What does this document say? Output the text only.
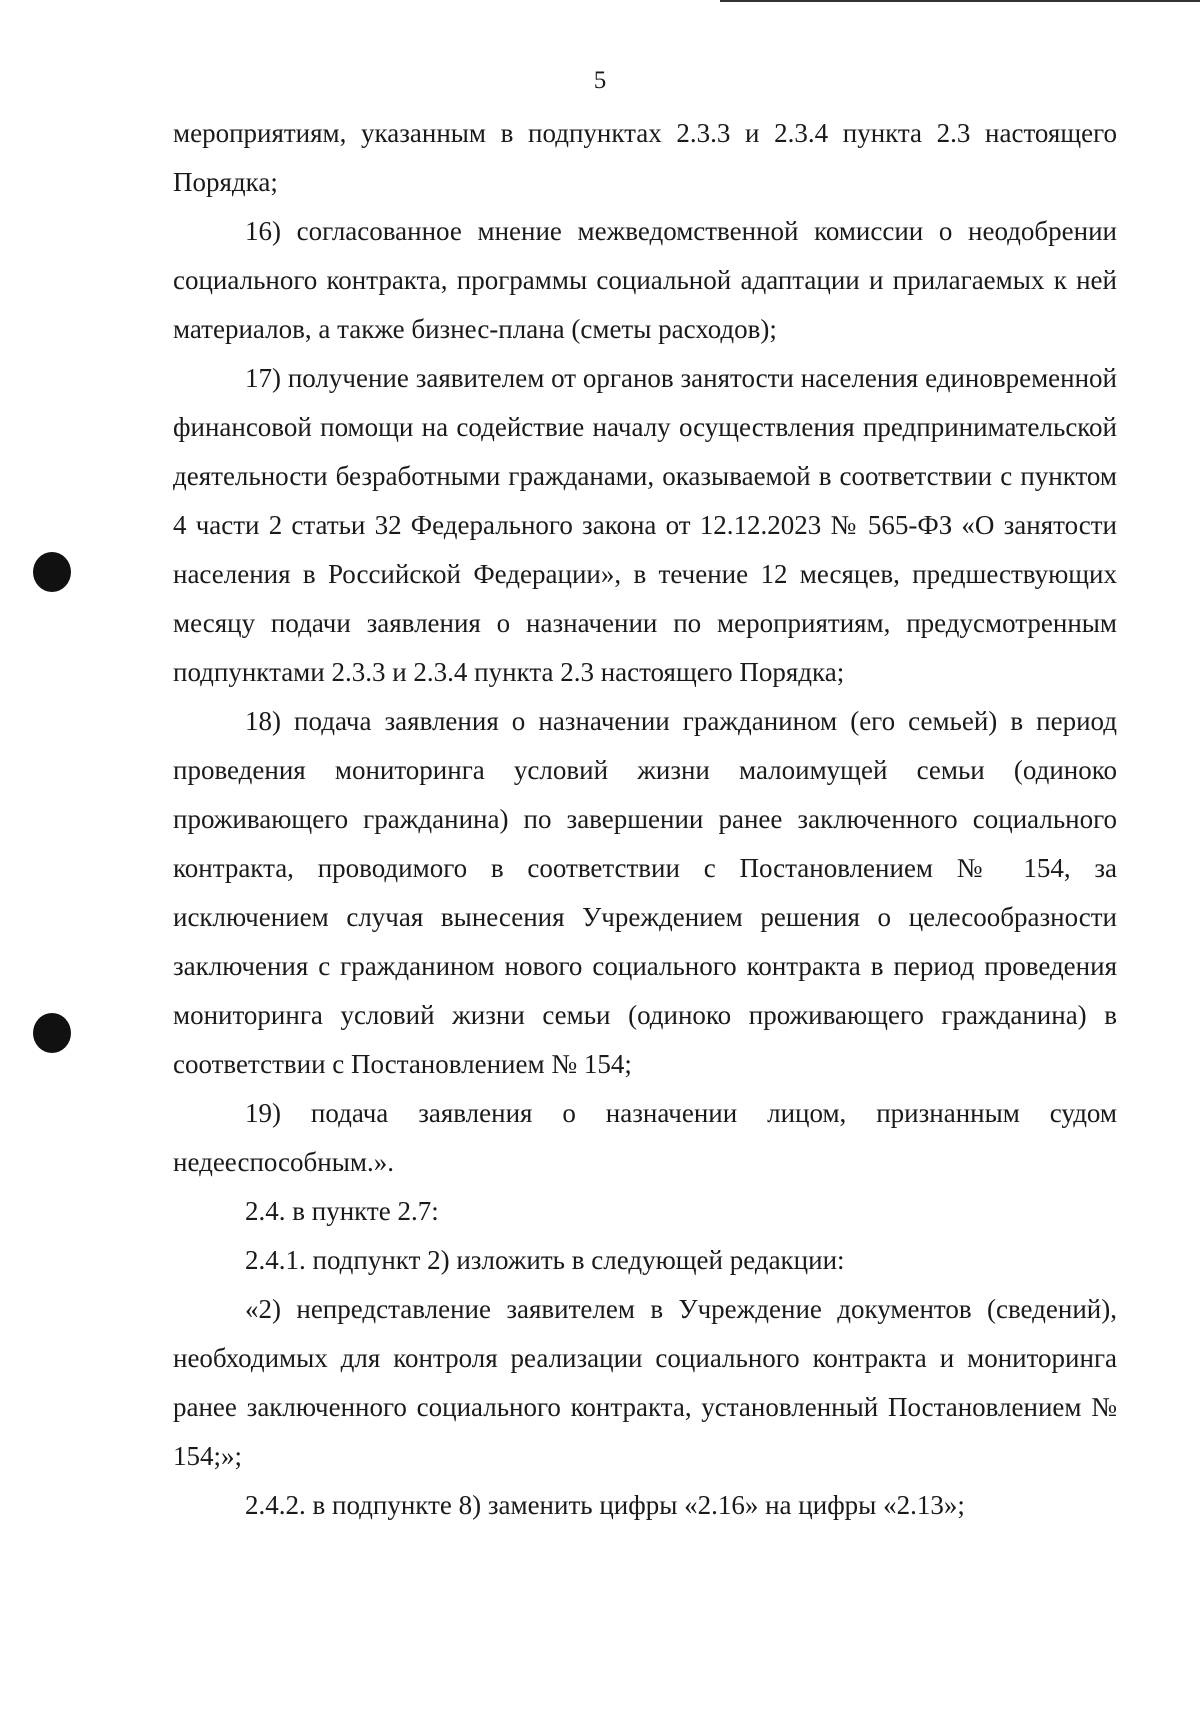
5

мероприятиям, указанным в подпунктах 2.3.3 и 2.3.4 пункта 2.3 настоящего Порядка;

16) согласованное мнение межведомственной комиссии о неодобрении социального контракта, программы социальной адаптации и прилагаемых к ней материалов, а также бизнес-плана (сметы расходов);

17) получение заявителем от органов занятости населения единовременной финансовой помощи на содействие началу осуществления предпринимательской деятельности безработными гражданами, оказываемой в соответствии с пунктом 4 части 2 статьи 32 Федерального закона от 12.12.2023 № 565-ФЗ «О занятости населения в Российской Федерации», в течение 12 месяцев, предшествующих месяцу подачи заявления о назначении по мероприятиям, предусмотренным подпунктами 2.3.3 и 2.3.4 пункта 2.3 настоящего Порядка;

18) подача заявления о назначении гражданином (его семьей) в период проведения мониторинга условий жизни малоимущей семьи (одиноко проживающего гражданина) по завершении ранее заключенного социального контракта, проводимого в соответствии с Постановлением № 154, за исключением случая вынесения Учреждением решения о целесообразности заключения с гражданином нового социального контракта в период проведения мониторинга условий жизни семьи (одиноко проживающего гражданина) в соответствии с Постановлением № 154;

19) подача заявления о назначении лицом, признанным судом недееспособным.».

2.4. в пункте 2.7:

2.4.1. подпункт 2) изложить в следующей редакции:

«2) непредставление заявителем в Учреждение документов (сведений), необходимых для контроля реализации социального контракта и мониторинга ранее заключенного социального контракта, установленный Постановлением № 154;»;

2.4.2. в подпункте 8) заменить цифры «2.16» на цифры «2.13»;
